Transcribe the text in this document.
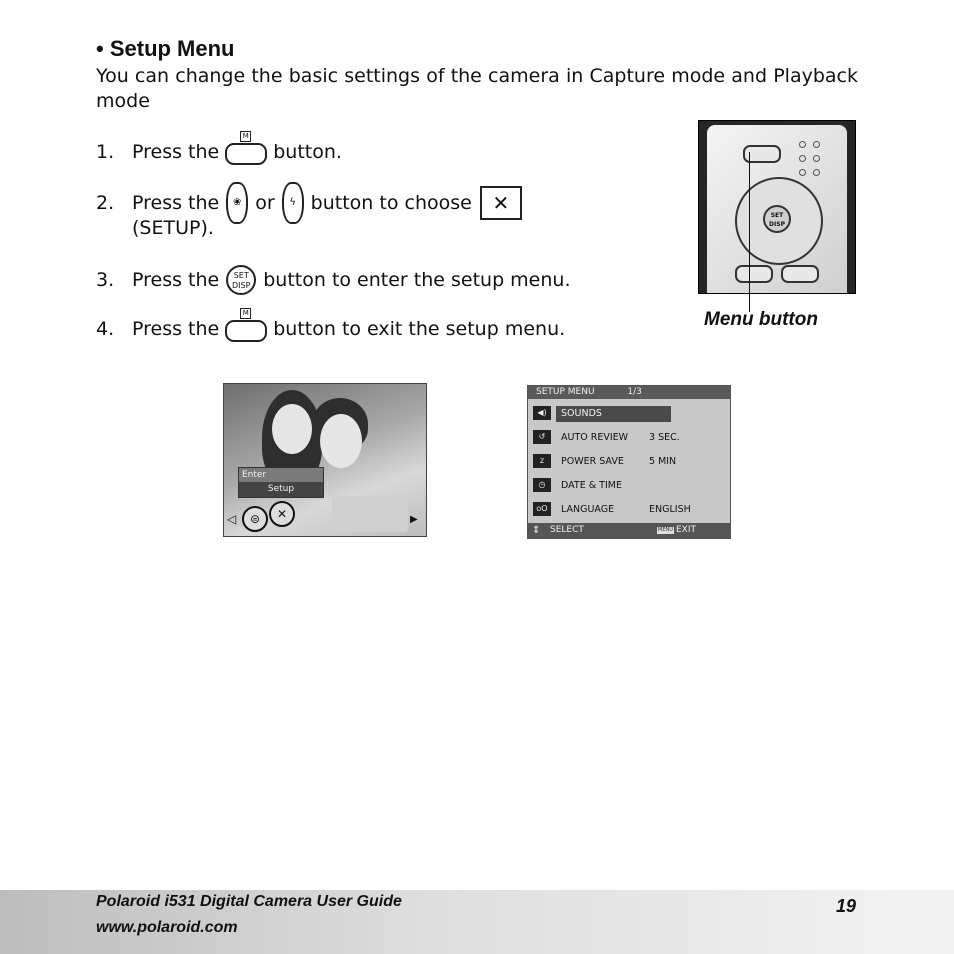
• Setup Menu
You can change the basic settings of the camera in Capture mode and Playback mode
1. Press the
M
button.
2. Press the	❀ or	ϟ button to choose	✕
(SETUP).
3. Press the	SET
DISP button to enter the setup menu.
4. Press the
M
button to exit the setup menu.
SET
DISP
Menu button
Enter
Setup
◁	⊜	✕	▶
SETUP MENU	1/3
◀)	SOUNDS
↺	AUTO REVIEW 3 SEC.
z	POWER SAVE	5 MIN
◷	DATE & TIME
oO	LANGUAGE	ENGLISH
⇕ SELECT	MENU EXIT
Polaroid i531 Digital Camera User Guide
www.polaroid.com
19
